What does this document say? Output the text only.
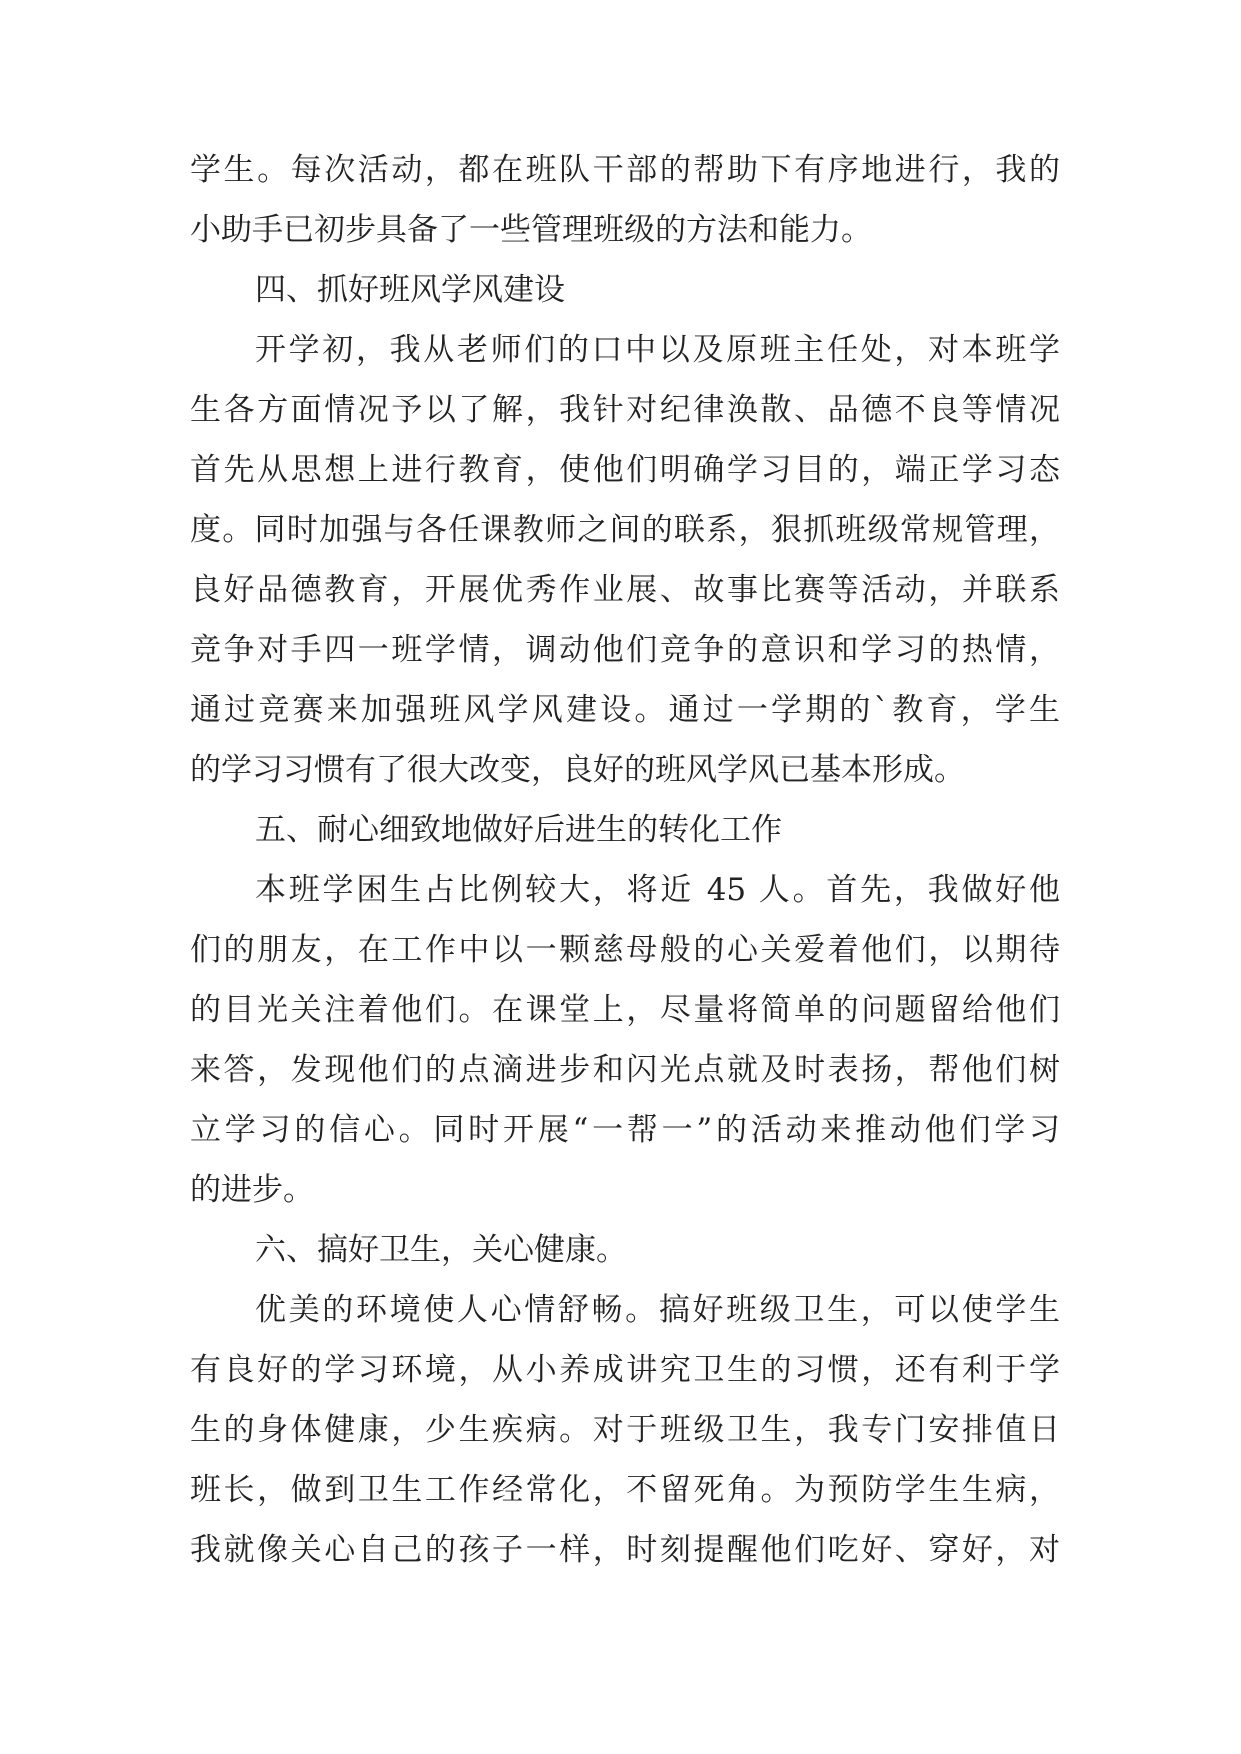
学生。每次活动，都在班队干部的帮助下有序地进行，我的
小助手已初步具备了一些管理班级的方法和能力。
四、抓好班风学风建设
开学初，我从老师们的口中以及原班主任处，对本班学
生各方面情况予以了解，我针对纪律涣散、品德不良等情况
首先从思想上进行教育，使他们明确学习目的，端正学习态
度。同时加强与各任课教师之间的联系，狠抓班级常规管理，
良好品德教育，开展优秀作业展、故事比赛等活动，并联系
竞争对手四一班学情，调动他们竞争的意识和学习的热情，
通过竞赛来加强班风学风建设。通过一学期的`教育，学生
的学习习惯有了很大改变，良好的班风学风已基本形成。
五、耐心细致地做好后进生的转化工作
本班学困生占比例较大，将近 45 人。首先，我做好他
们的朋友，在工作中以一颗慈母般的心关爱着他们，以期待
的目光关注着他们。在课堂上，尽量将简单的问题留给他们
来答，发现他们的点滴进步和闪光点就及时表扬，帮他们树
立学习的信心。同时开展“一帮一”的活动来推动他们学习
的进步。
六、搞好卫生，关心健康。
优美的环境使人心情舒畅。搞好班级卫生，可以使学生
有良好的学习环境，从小养成讲究卫生的习惯，还有利于学
生的身体健康，少生疾病。对于班级卫生，我专门安排值日
班长，做到卫生工作经常化，不留死角。为预防学生生病，
我就像关心自己的孩子一样，时刻提醒他们吃好、穿好，对
